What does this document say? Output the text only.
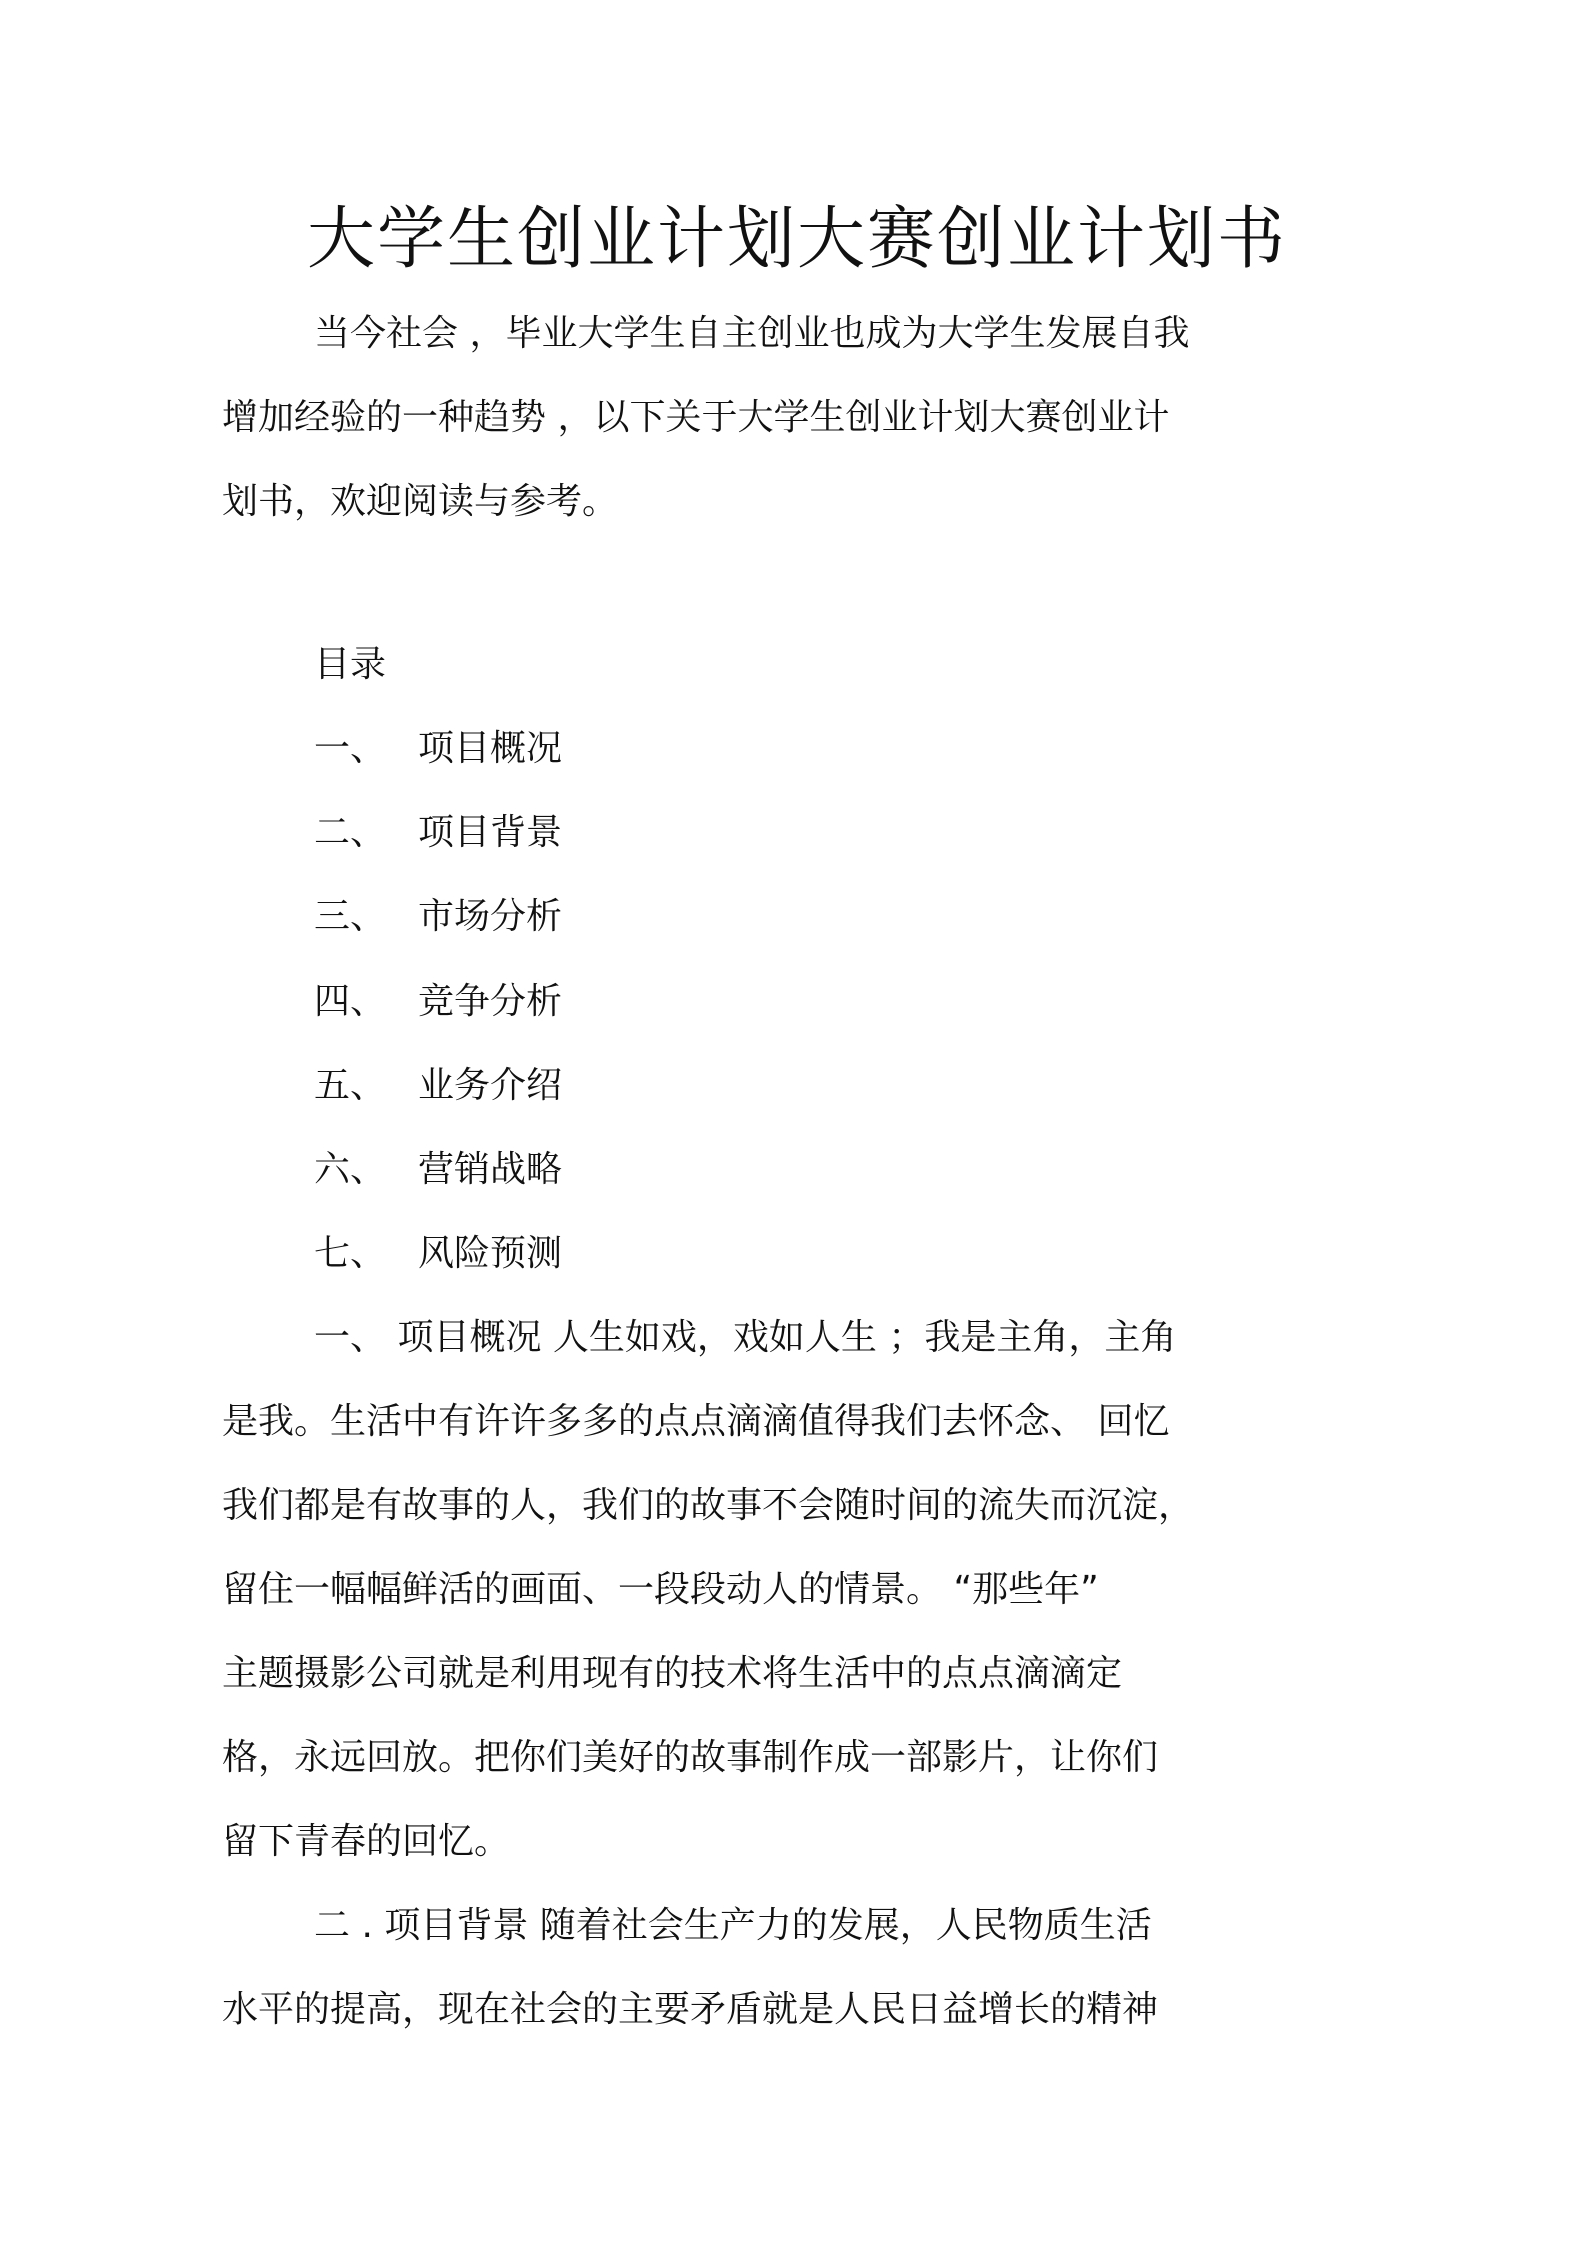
大学生创业计划大赛创业计划书

当今社会 ，毕业大学生自主创业也成为大学生发展自我

增加经验的一种趋势 ，以下关于大学生创业计划大赛创业计

划书，欢迎阅读与参考。

目录

一、 项目概况
二、 项目背景
三、 市场分析
四、 竞争分析
五、 业务介绍
六、 营销战略
七、 风险预测

一、 项目概况 人生如戏，戏如人生 ；我是主角，主角

是我。生活中有许许多多的点点滴滴值得我们去怀念、 回忆

我们都是有故事的人，我们的故事不会随时间的流失而沉淀，

留住一幅幅鲜活的画面、一段段动人的情景。 “那些年”

主题摄影公司就是利用现有的技术将生活中的点点滴滴定

格，永远回放。把你们美好的故事制作成一部影片，让你们

留下青春的回忆。

二 . 项目背景 随着社会生产力的发展，人民物质生活

水平的提高，现在社会的主要矛盾就是人民日益增长的精神
